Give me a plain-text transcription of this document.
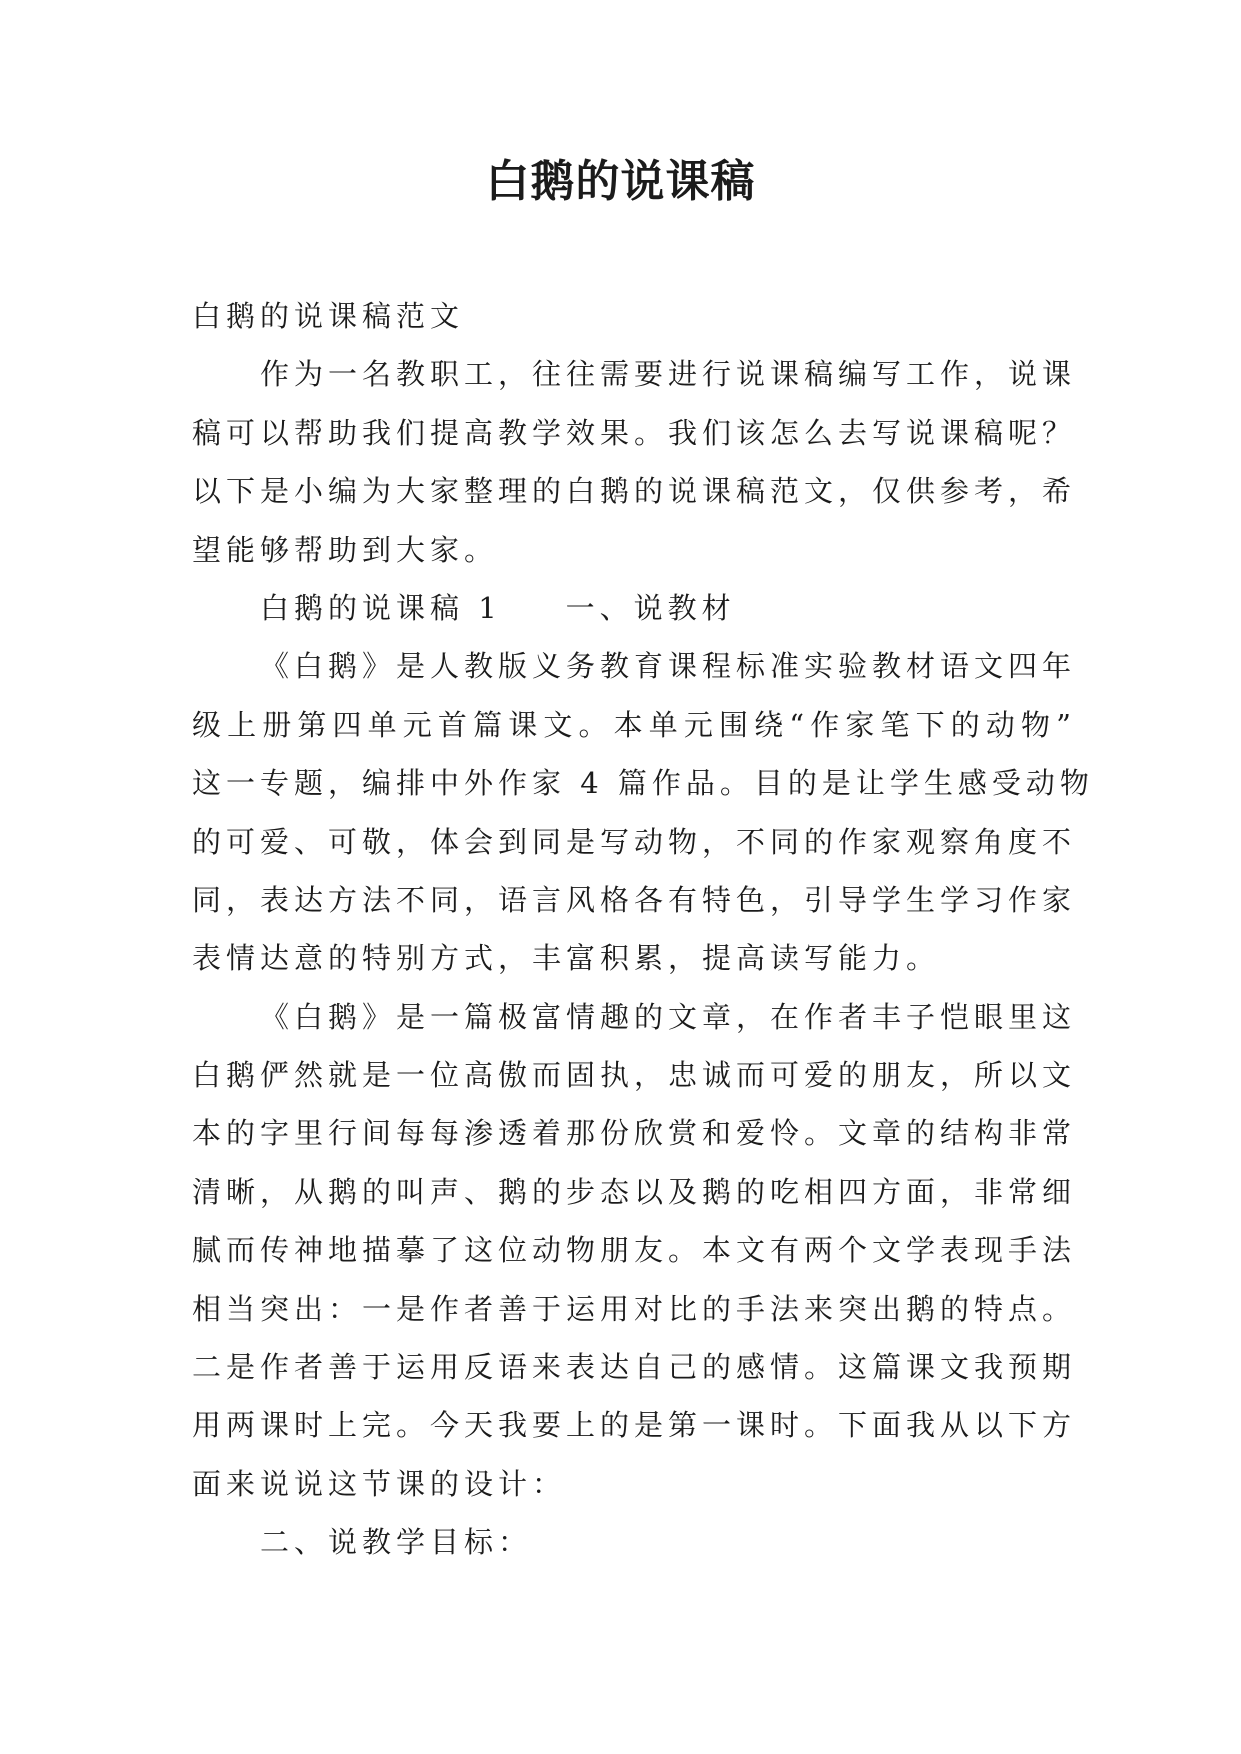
白鹅的说课稿
白鹅的说课稿范文
作为一名教职工，往往需要进行说课稿编写工作，说课
稿可以帮助我们提高教学效果。我们该怎么去写说课稿呢？
以下是小编为大家整理的白鹅的说课稿范文，仅供参考，希
望能够帮助到大家。
白鹅的说课稿 1 一、说教材
《白鹅》是人教版义务教育课程标准实验教材语文四年
级上册第四单元首篇课文。本单元围绕“作家笔下的动物”
这一专题，编排中外作家 4 篇作品。目的是让学生感受动物
的可爱、可敬，体会到同是写动物，不同的作家观察角度不
同，表达方法不同，语言风格各有特色，引导学生学习作家
表情达意的特别方式，丰富积累，提高读写能力。
《白鹅》是一篇极富情趣的文章，在作者丰子恺眼里这
白鹅俨然就是一位高傲而固执，忠诚而可爱的朋友，所以文
本的字里行间每每渗透着那份欣赏和爱怜。文章的结构非常
清晰，从鹅的叫声、鹅的步态以及鹅的吃相四方面，非常细
腻而传神地描摹了这位动物朋友。本文有两个文学表现手法
相当突出：一是作者善于运用对比的手法来突出鹅的特点。
二是作者善于运用反语来表达自己的感情。这篇课文我预期
用两课时上完。今天我要上的是第一课时。下面我从以下方
面来说说这节课的设计：
二、说教学目标：
